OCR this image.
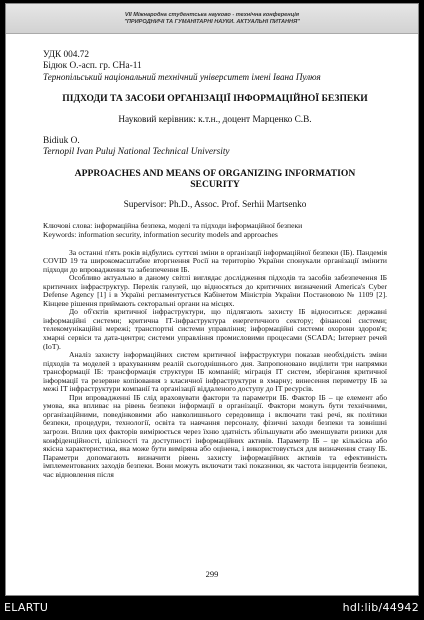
VII Міжнародна студентська науково - технічна конференція
"ПРИРОДНИЧІ ТА ГУМАНІТАРНІ НАУКИ. АКТУАЛЬНІ ПИТАННЯ"
УДК 004.72
Бідюк О.-асп. гр. СНа-11
Тернопільський національний технічний університет імені Івана Пулюя
ПІДХОДИ ТА ЗАСОБИ ОРГАНІЗАЦІЇ ІНФОРМАЦІЙНОЇ БЕЗПЕКИ
Науковий керівник: к.т.н., доцент Марценко С.В.
Bidiuk O.
Ternopil Ivan Puluj National Technical University
APPROACHES AND MEANS OF ORGANIZING INFORMATION
SECURITY
Supervisor: Ph.D., Assoc. Prof. Serhii Martsenko
Ключові слова: інформаційна безпека, моделі та підходи інформаційної безпеки
Keywords: information security, information security models and approaches
За останні п'ять років відбулись суттєві зміни в організації інформаційної безпеки (ІБ). Пандемія COVID 19 та широкомасштабне вторгнення Росії на територію України спонукали організації змінити підходи до впровадження та забезпечення ІБ.
Особливо актуально в даному світлі виглядає дослідження підходів та засобів забезпечення ІБ критичних інфраструктур. Перелік галузей, що відносяться до критичних визначений America's Cyber Defense Agency [1] і в Україні регламентується Кабінетом Міністрів України Постановою № 1109 [2]. Кінцеве рішення приймають секторальні органи на місцях.
До об'єктів критичної інфраструктури, що підлягають захисту ІБ відноситься: державні інформаційні системи; критична ІТ-інфраструктура енергетичного сектору; фінансові системи; телекомунікаційні мережі; транспортні системи управління; інформаційні системи охорони здоров'я; хмарні сервіси та дата-центри; системи управління промисловими процесами (SCADA; Інтернет речей (IoT).
Аналіз захисту інформаційних систем критичної інфраструктури показав необхідність зміни підходів та моделей з врахуванням реалій сьогоднішнього дня. Запропоновано виділити три напрямки трансформації ІБ: трансформація структури ІБ компаній; міграція ІТ систем, зберігання критичної інформації та резервне копіювання з класичної інфраструктури в хмарну; винесення периметру ІБ за межі ІТ інфраструктури компанії та організації віддаленого доступу до ІТ ресурсів.
При впровадженні ІБ слід враховувати фактори та параметри ІБ. Фактор ІБ – це елемент або умова, яка впливає на рівень безпеки інформації в організації. Фактори можуть бути технічними, організаційними, поведінковими або навколишнього середовища і включати такі речі, як політики безпеки, процедури, технології, освіта та навчання персоналу, фізичні заходи безпеки та зовнішні загрози. Вплив цих факторів вимірюється через їхню здатність збільшувати або зменшувати ризики для конфіденційності, цілісності та доступності інформаційних активів. Параметр ІБ – це кількісна або якісна характеристика, яка може бути виміряна або оцінена, і використовується для визначення стану ІБ. Параметри допомагають визначити рівень захисту інформаційних активів та ефективність імплементованих заходів безпеки. Вони можуть включати такі показники, як частота інцидентів безпеки, час відновлення після
299
ELARTU	hdl:lib/44942
